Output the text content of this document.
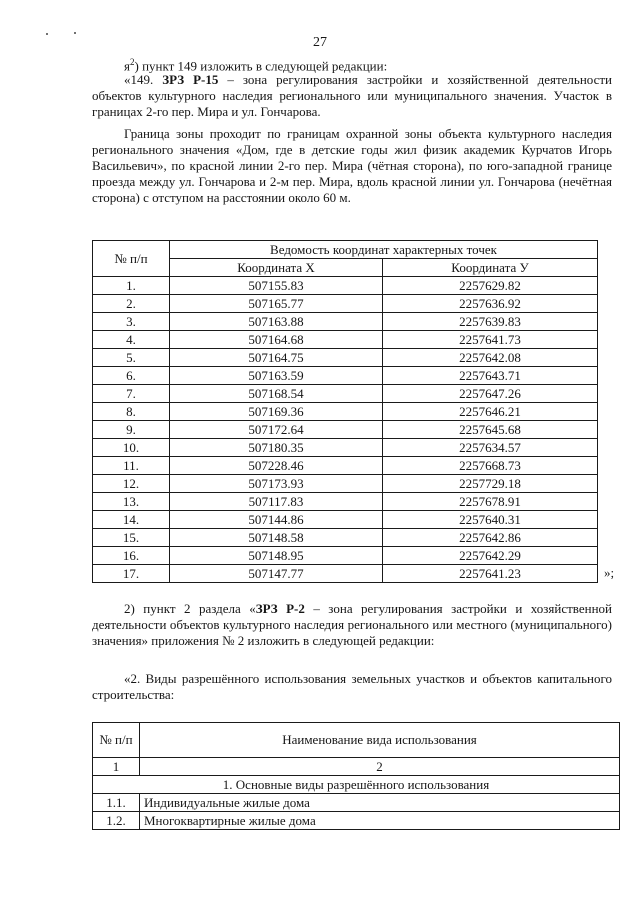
27
$я^2$) пункт 149 изложить в следующей редакции:
«149. ЗРЗ Р-15 – зона регулирования застройки и хозяйственной деятельности объектов культурного наследия регионального или муниципального значения. Участок в границах 2-го пер. Мира и ул. Гончарова.
Граница зоны проходит по границам охранной зоны объекта культурного наследия регионального значения «Дом, где в детские годы жил физик академик Курчатов Игорь Васильевич», по красной линии 2-го пер. Мира (чётная сторона), по юго-западной границе проезда между ул. Гончарова и 2-м пер. Мира, вдоль красной линии ул. Гончарова (нечётная сторона) с отступом на расстоянии около 60 м.
№ п/п	Ведомость координат характерных точек	
	Координата Х	Координата У
1.	507155.83	2257629.82
2.	507165.77	2257636.92
3.	507163.88	2257639.83
4.	507164.68	2257641.73
5.	507164.75	2257642.08
6.	507163.59	2257643.71
7.	507168.54	2257647.26
8.	507169.36	2257646.21
9.	507172.64	2257645.68
10.	507180.35	2257634.57
11.	507228.46	2257668.73
12.	507173.93	2257729.18
13.	507117.83	2257678.91
14.	507144.86	2257640.31
15.	507148.58	2257642.86
16.	507148.95	2257642.29
17.	507147.77	2257641.23	»;
2) пункт 2 раздела «ЗРЗ Р-2 – зона регулирования застройки и хозяйственной деятельности объектов культурного наследия регионального или местного (муниципального) значения» приложения № 2 изложить в следующей редакции:
«2. Виды разрешённого использования земельных участков и объектов капитального строительства:
№ п/п	Наименование вида использования
1	2
1. Основные виды разрешённого использования	
1.1.	Индивидуальные жилые дома
1.2.	Многоквартирные жилые дома
